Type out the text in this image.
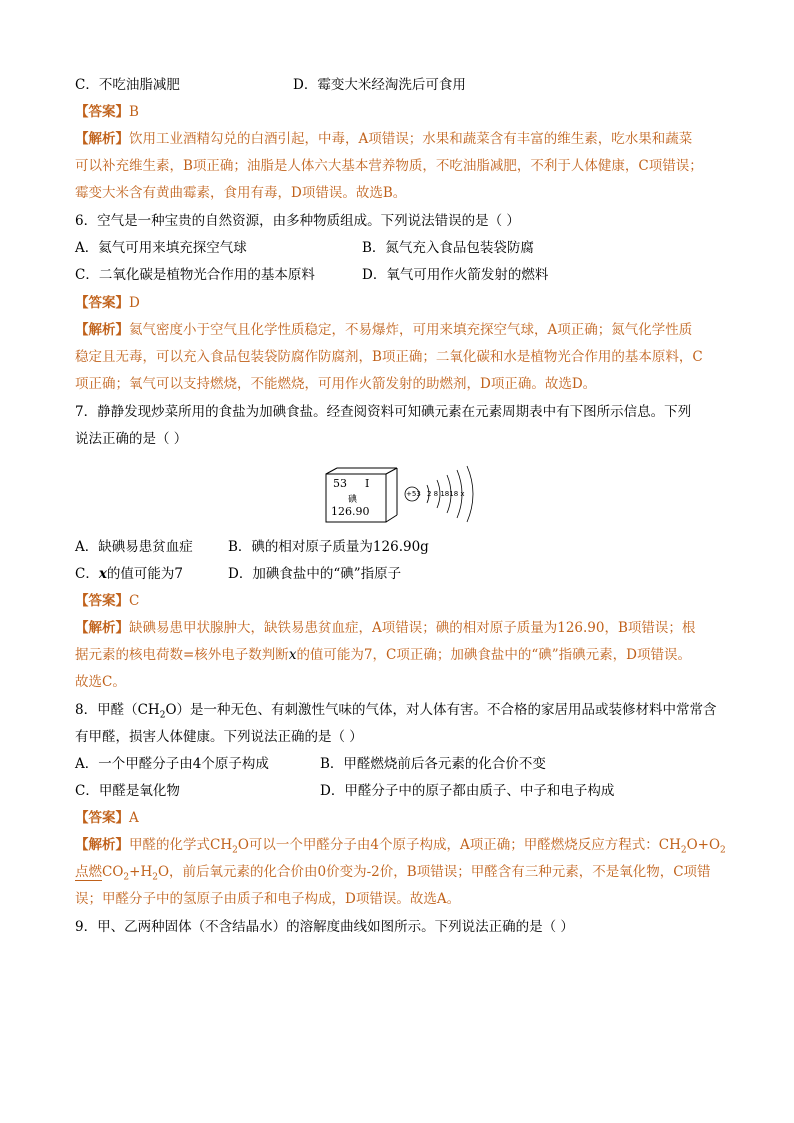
C．不吃油脂减肥	D．霉变大米经淘洗后可食用
【答案】B
【解析】饮用工业酒精勾兑的白酒引起，中毒，A项错误；水果和蔬菜含有丰富的维生素，吃水果和蔬菜
可以补充维生素，B项正确；油脂是人体六大基本营养物质，不吃油脂减肥，不利于人体健康，C项错误；
霉变大米含有黄曲霉素，食用有毒，D项错误。故选B。
6．空气是一种宝贵的自然资源，由多种物质组成。下列说法错误的是（ ）
A．氦气可用来填充探空气球	B．氮气充入食品包装袋防腐
C．二氧化碳是植物光合作用的基本原料	D．氧气可用作火箭发射的燃料
【答案】D
【解析】氦气密度小于空气且化学性质稳定，不易爆炸，可用来填充探空气球，A项正确；氮气化学性质
稳定且无毒，可以充入食品包装袋防腐作防腐剂，B项正确；二氧化碳和水是植物光合作用的基本原料，C
项正确；氧气可以支持燃烧，不能燃烧，可用作火箭发射的助燃剂，D项正确。故选D。
7．静静发现炒菜所用的食盐为加碘食盐。经查阅资料可知碘元素在元素周期表中有下图所示信息。下列
说法正确的是（ ）
53 I
碘
126.90
+53 2 8 1818 x
A．缺碘易患贫血症	B．碘的相对原子质量为126.90g
C．x的值可能为7	D．加碘食盐中的“碘”指原子
【答案】C
【解析】缺碘易患甲状腺肿大，缺铁易患贫血症，A项错误；碘的相对原子质量为126.90，B项错误；根
据元素的核电荷数=核外电子数判断x的值可能为7，C项正确；加碘食盐中的“碘”指碘元素，D项错误。
故选C。
8．甲醛$(CH_2O)$是一种无色、有刺激性气味的气体，对人体有害。不合格的家居用品或装修材料中常常含
有甲醛，损害人体健康。下列说法正确的是（ ）
A．一个甲醛分子由4个原子构成	B．甲醛燃烧前后各元素的化合价不变
C．甲醛是氧化物	D．甲醛分子中的原子都由质子、中子和电子构成
【答案】A
【解析】甲醛的化学式$CH_2O$可以一个甲醛分子由4个原子构成，A项正确；甲醛燃烧反应方程式：$CH_2O+O_2$
点燃$CO_2+H_2O$，前后氧元素的化合价由0价变为-2价，B项错误；甲醛含有三种元素，不是氧化物，C项错
误；甲醛分子中的氢原子由质子和电子构成，D项错误。故选A。
9．甲、乙两种固体（不含结晶水）的溶解度曲线如图所示。下列说法正确的是（ ）
